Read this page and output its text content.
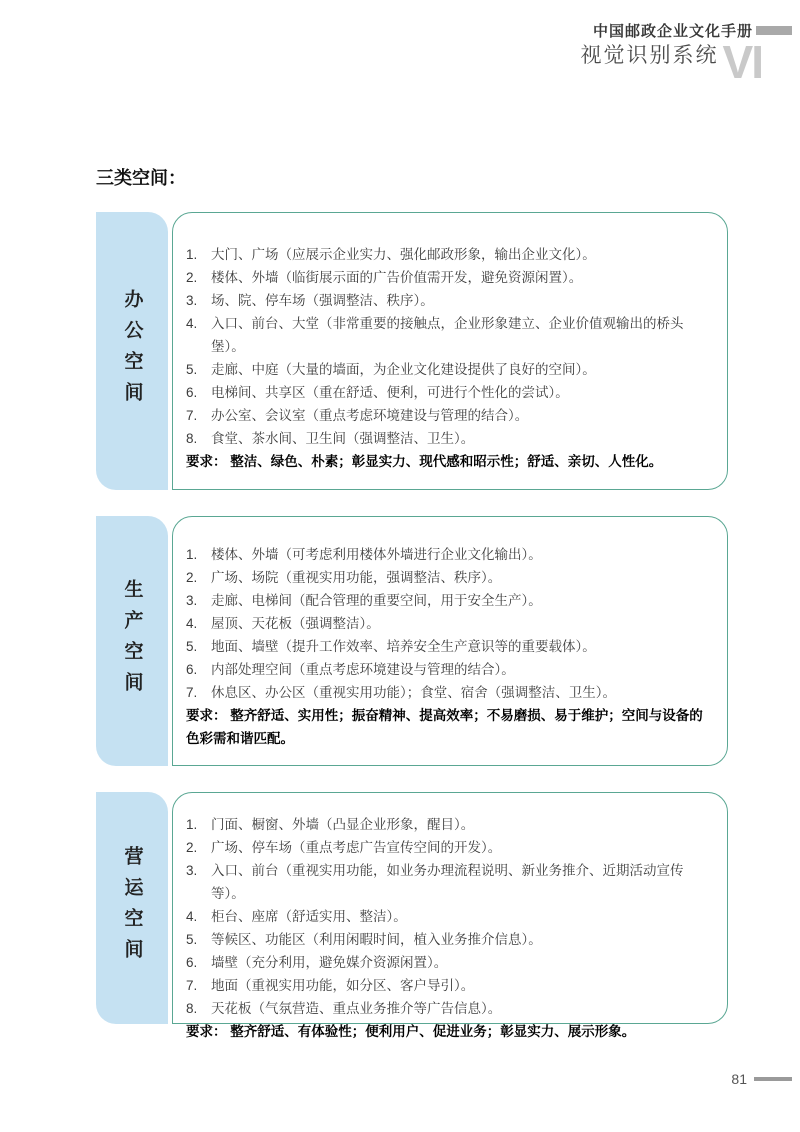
中国邮政企业文化手册
视觉识别系统 VI
三类空间：
办公空间
1.	大门、广场（应展示企业实力、强化邮政形象，输出企业文化）。
2.	楼体、外墙（临街展示面的广告价值需开发，避免资源闲置）。
3.	场、院、停车场（强调整洁、秩序）。
4.	入口、前台、大堂（非常重要的接触点，企业形象建立、企业价值观输出的桥头堡）。
5.	走廊、中庭（大量的墙面，为企业文化建设提供了良好的空间）。
6.	电梯间、共享区（重在舒适、便利，可进行个性化的尝试）。
7.	办公室、会议室（重点考虑环境建设与管理的结合）。
8.	食堂、茶水间、卫生间（强调整洁、卫生）。
要求： 整洁、绿色、朴素；彰显实力、现代感和昭示性；舒适、亲切、人性化。
生产空间
1.	楼体、外墙（可考虑利用楼体外墙进行企业文化输出）。
2.	广场、场院（重视实用功能，强调整洁、秩序）。
3.	走廊、电梯间（配合管理的重要空间，用于安全生产）。
4.	屋顶、天花板（强调整洁）。
5.	地面、墙壁（提升工作效率、培养安全生产意识等的重要载体）。
6.	内部处理空间（重点考虑环境建设与管理的结合）。
7.	休息区、办公区（重视实用功能）；食堂、宿舍（强调整洁、卫生）。
要求： 整齐舒适、实用性；振奋精神、提高效率；不易磨损、易于维护；空间与设备的色彩需和谐匹配。
营运空间
1.	门面、橱窗、外墙（凸显企业形象，醒目）。
2.	广场、停车场（重点考虑广告宣传空间的开发）。
3.	入口、前台（重视实用功能，如业务办理流程说明、新业务推介、近期活动宣传等）。
4.	柜台、座席（舒适实用、整洁）。
5.	等候区、功能区（利用闲暇时间，植入业务推介信息）。
6.	墙壁（充分利用，避免媒介资源闲置）。
7.	地面（重视实用功能，如分区、客户导引）。
8.	天花板（气氛营造、重点业务推介等广告信息）。
要求： 整齐舒适、有体验性；便利用户、促进业务；彰显实力、展示形象。
81
